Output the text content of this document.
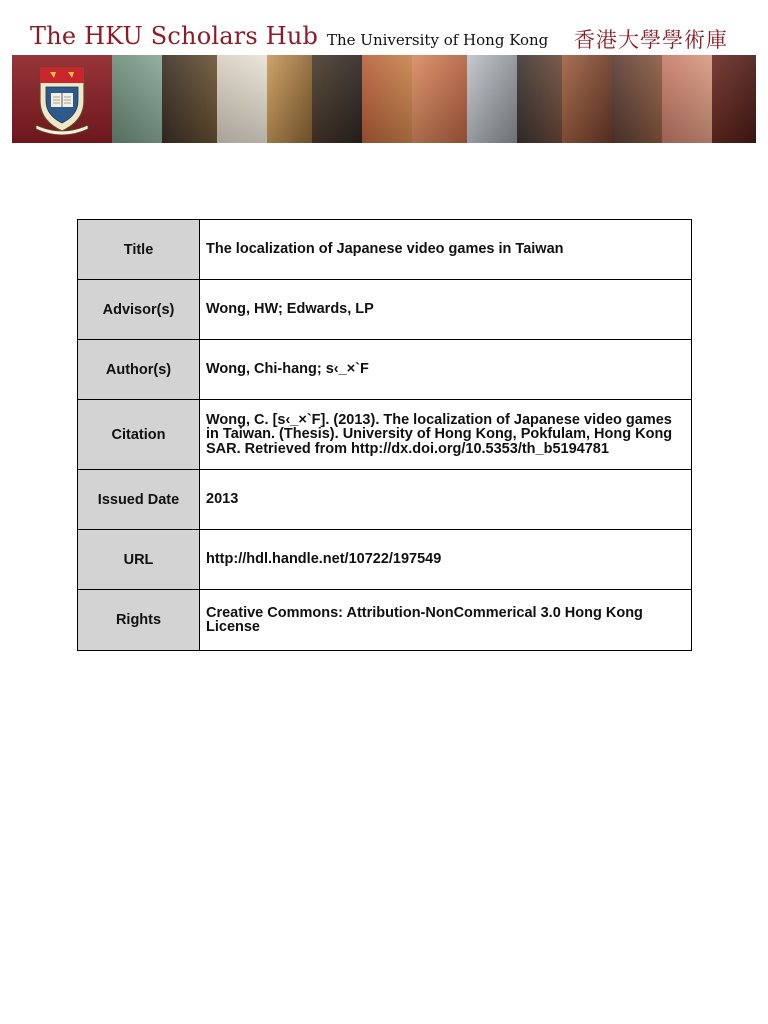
The HKU Scholars Hub The University of Hong Kong 香港大學學術庫
Title	The localization of Japanese video games in Taiwan
Advisor(s)	Wong, HW; Edwards, LP
Author(s)	Wong, Chi-hang; s‹_×`F
Citation	Wong, C. [s‹_×`F]. (2013). The localization of Japanese video games in Taiwan. (Thesis). University of Hong Kong, Pokfulam, Hong Kong SAR. Retrieved from http://dx.doi.org/10.5353/th_b5194781
Issued Date	2013
URL	http://hdl.handle.net/10722/197549
Rights	Creative Commons: Attribution-NonCommerical 3.0 Hong Kong License
